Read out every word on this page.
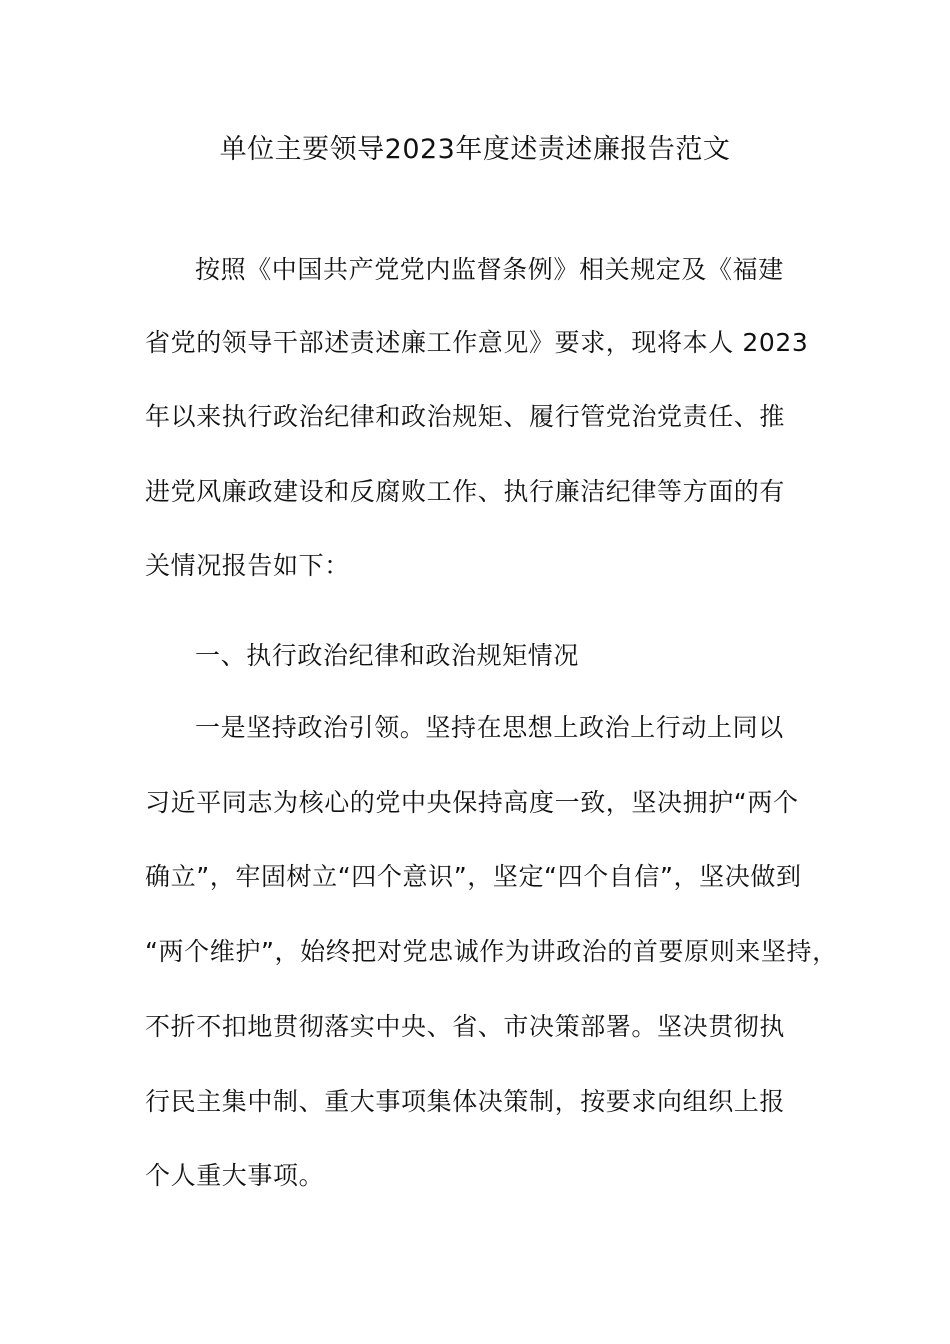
单位主要领导2023年度述责述廉报告范文
按照《中国共产党党内监督条例》相关规定及《福建
省党的领导干部述责述廉工作意见》要求，现将本人 2023
年以来执行政治纪律和政治规矩、履行管党治党责任、推
进党风廉政建设和反腐败工作、执行廉洁纪律等方面的有
关情况报告如下：
一、执行政治纪律和政治规矩情况
一是坚持政治引领。坚持在思想上政治上行动上同以
习近平同志为核心的党中央保持高度一致，坚决拥护“两个
确立”，牢固树立“四个意识”，坚定“四个自信”，坚决做到
“两个维护”，始终把对党忠诚作为讲政治的首要原则来坚持，
不折不扣地贯彻落实中央、省、市决策部署。坚决贯彻执
行民主集中制、重大事项集体决策制，按要求向组织上报
个人重大事项。
